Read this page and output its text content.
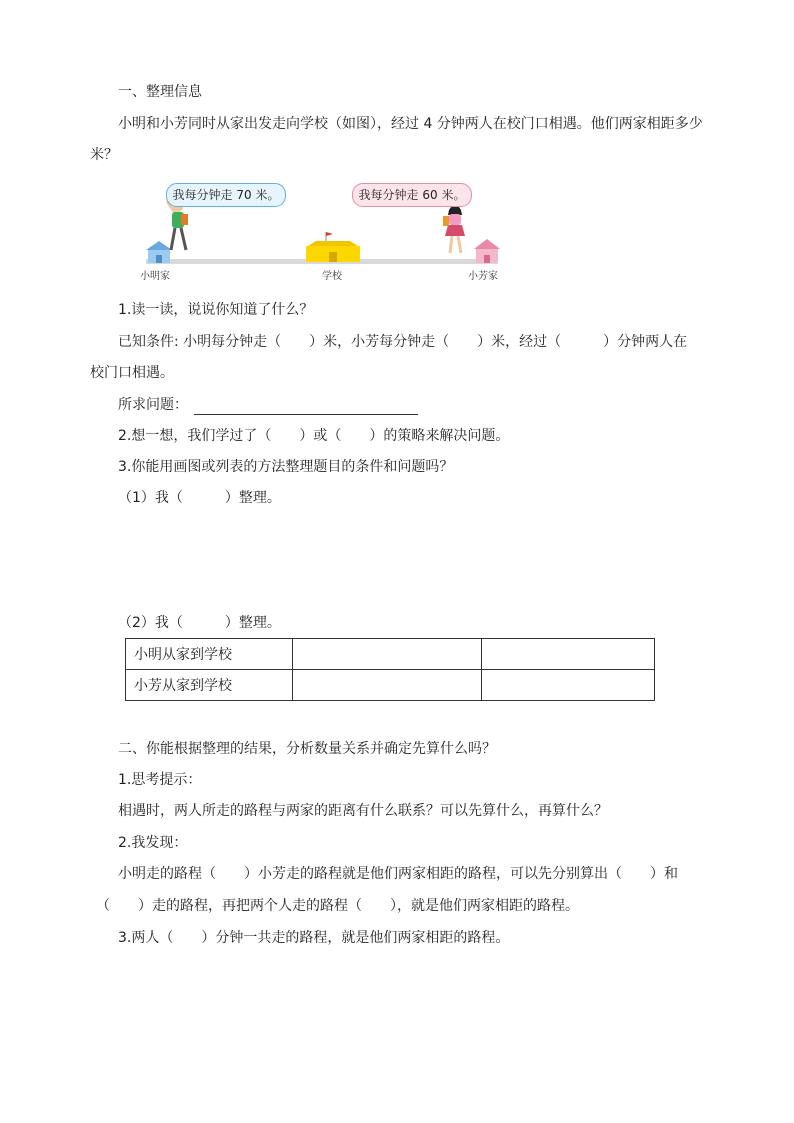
一、整理信息
小明和小芳同时从家出发走向学校（如图），经过 4 分钟两人在校门口相遇。他们两家相距多少
米？
我每分钟走 70 米。	我每分钟走 60 米。
小明家	学校	小芳家
1.读一读，说说你知道了什么？
已知条件: 小明每分钟走（　　）米，小芳每分钟走（　　）米，经过（　　　）分钟两人在
校门口相遇。
所求问题：
2.想一想，我们学过了（　　）或（　　）的策略来解决问题。
3.你能用画图或列表的方法整理题目的条件和问题吗？
（1）我（　　　）整理。
（2）我（　　　）整理。
小明从家到学校		
小芳从家到学校		
二、你能根据整理的结果，分析数量关系并确定先算什么吗？
1.思考提示：
相遇时，两人所走的路程与两家的距离有什么联系？可以先算什么，再算什么？
2.我发现：
小明走的路程（　　）小芳走的路程就是他们两家相距的路程，可以先分别算出（　　）和
（　　）走的路程，再把两个人走的路程（　　），就是他们两家相距的路程。
3.两人（　　）分钟一共走的路程，就是他们两家相距的路程。
